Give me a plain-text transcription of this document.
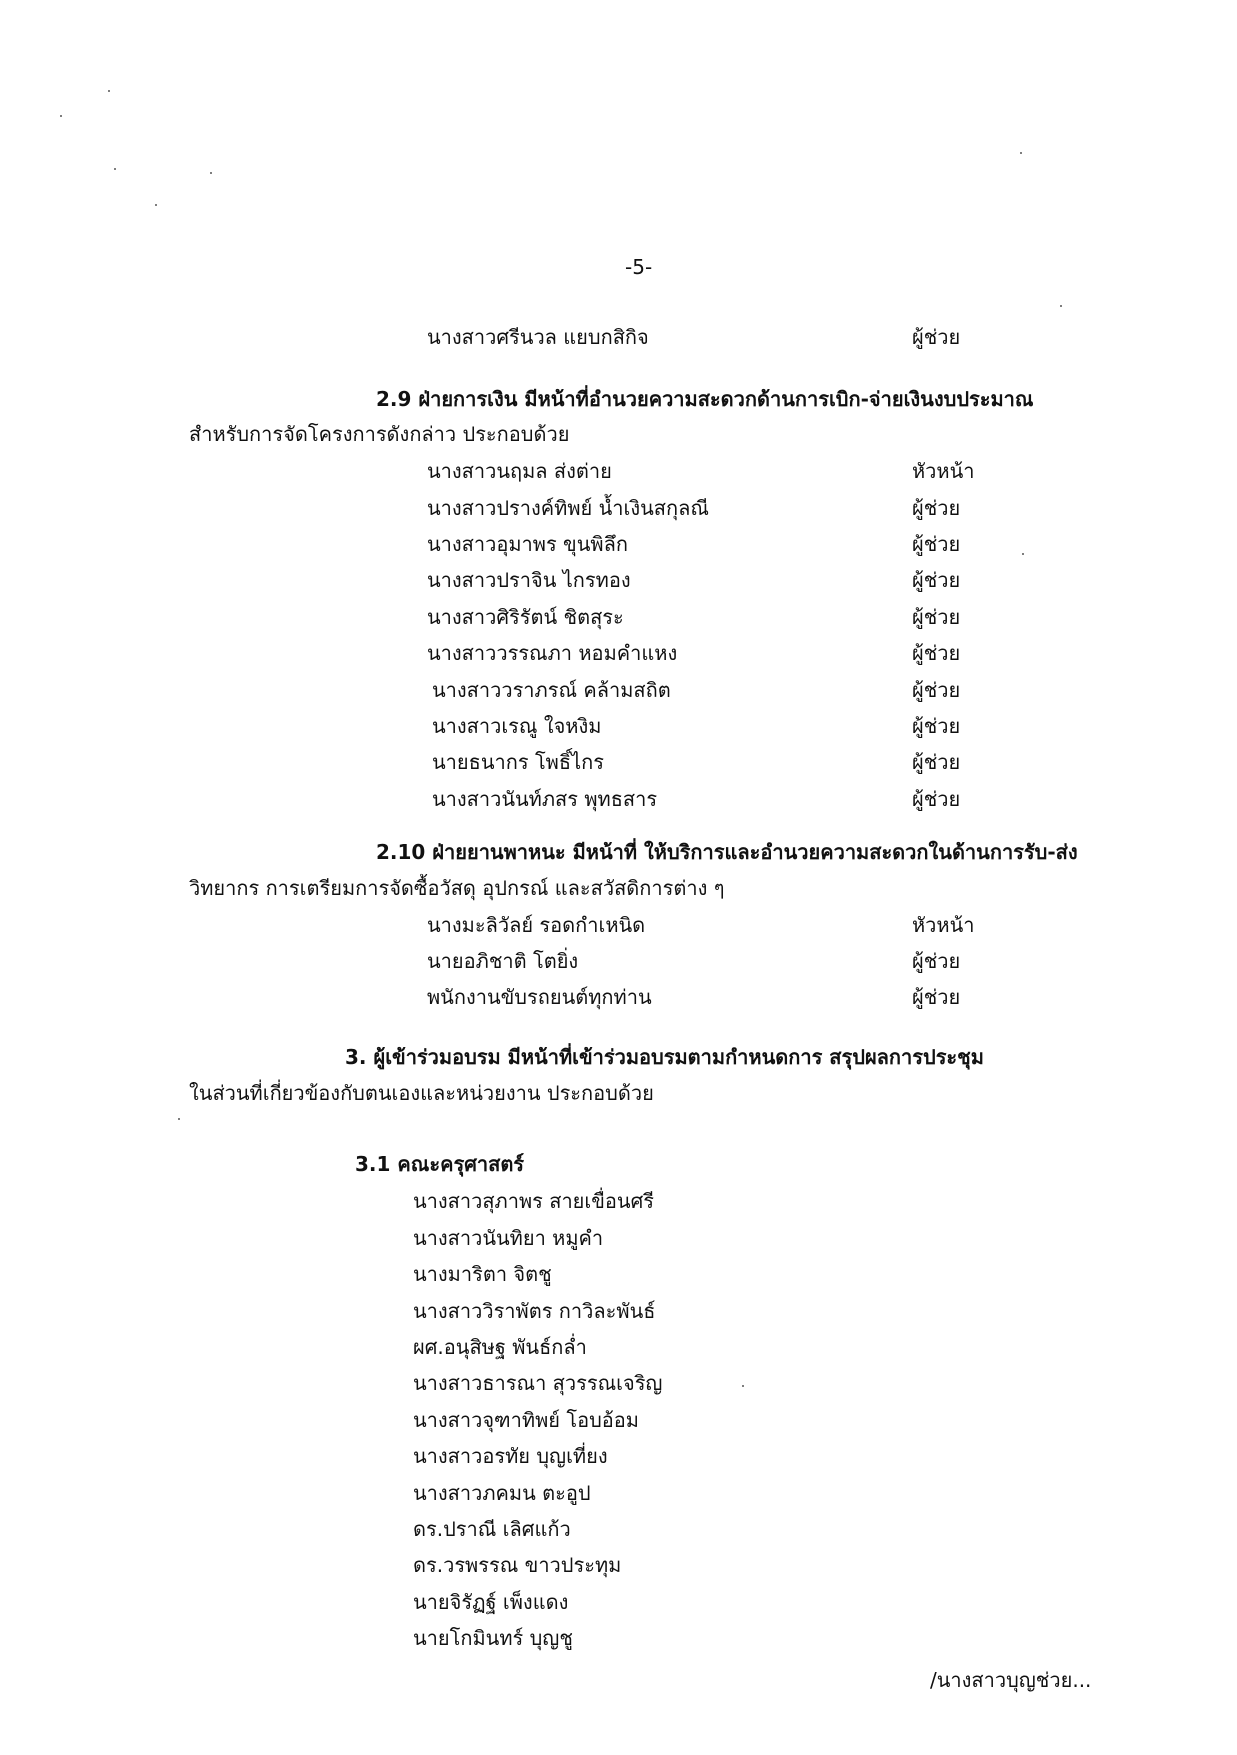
-5-
นางสาวศรีนวล แยบกสิกิจ	ผู้ช่วย
2.9 ฝ่ายการเงิน มีหน้าที่อำนวยความสะดวกด้านการเบิก-จ่ายเงินงบประมาณ
สำหรับการจัดโครงการดังกล่าว ประกอบด้วย
นางสาวนฤมล ส่งต่าย	หัวหน้า
นางสาวปรางค์ทิพย์ น้ำเงินสกุลณี	ผู้ช่วย
นางสาวอุมาพร ขุนพิลึก	ผู้ช่วย
นางสาวปราจิน ไกรทอง	ผู้ช่วย
นางสาวศิริรัตน์ ชิตสุระ	ผู้ช่วย
นางสาววรรณภา หอมคำแหง	ผู้ช่วย
นางสาววราภรณ์ คล้ามสถิต	ผู้ช่วย
นางสาวเรณู ใจหงิม	ผู้ช่วย
นายธนากร โพธิ์ไกร	ผู้ช่วย
นางสาวนันท์ภสร พุทธสาร	ผู้ช่วย
2.10 ฝ่ายยานพาหนะ มีหน้าที่ ให้บริการและอำนวยความสะดวกในด้านการรับ-ส่ง
วิทยากร การเตรียมการจัดซื้อวัสดุ อุปกรณ์ และสวัสดิการต่าง ๆ
นางมะลิวัลย์ รอดกำเหนิด	หัวหน้า
นายอภิชาติ โตยิ่ง	ผู้ช่วย
พนักงานขับรถยนต์ทุกท่าน	ผู้ช่วย
3. ผู้เข้าร่วมอบรม มีหน้าที่เข้าร่วมอบรมตามกำหนดการ สรุปผลการประชุม
ในส่วนที่เกี่ยวข้องกับตนเองและหน่วยงาน ประกอบด้วย
3.1 คณะครุศาสตร์
นางสาวสุภาพร สายเขื่อนศรี
นางสาวนันทิยา หมูคำ
นางมาริตา จิตชู
นางสาววิราพัตร กาวิละพันธ์
ผศ.อนุสิษฐ พันธ์กล่ำ
นางสาวธารณา สุวรรณเจริญ
นางสาวจุฑาทิพย์ โอบอ้อม
นางสาวอรทัย บุญเที่ยง
นางสาวภคมน ตะอูป
ดร.ปราณี เลิศแก้ว
ดร.วรพรรณ ขาวประทุม
นายจิรัฏฐ์ เพ็งแดง
นายโกมินทร์ บุญชู
/นางสาวบุญช่วย...
